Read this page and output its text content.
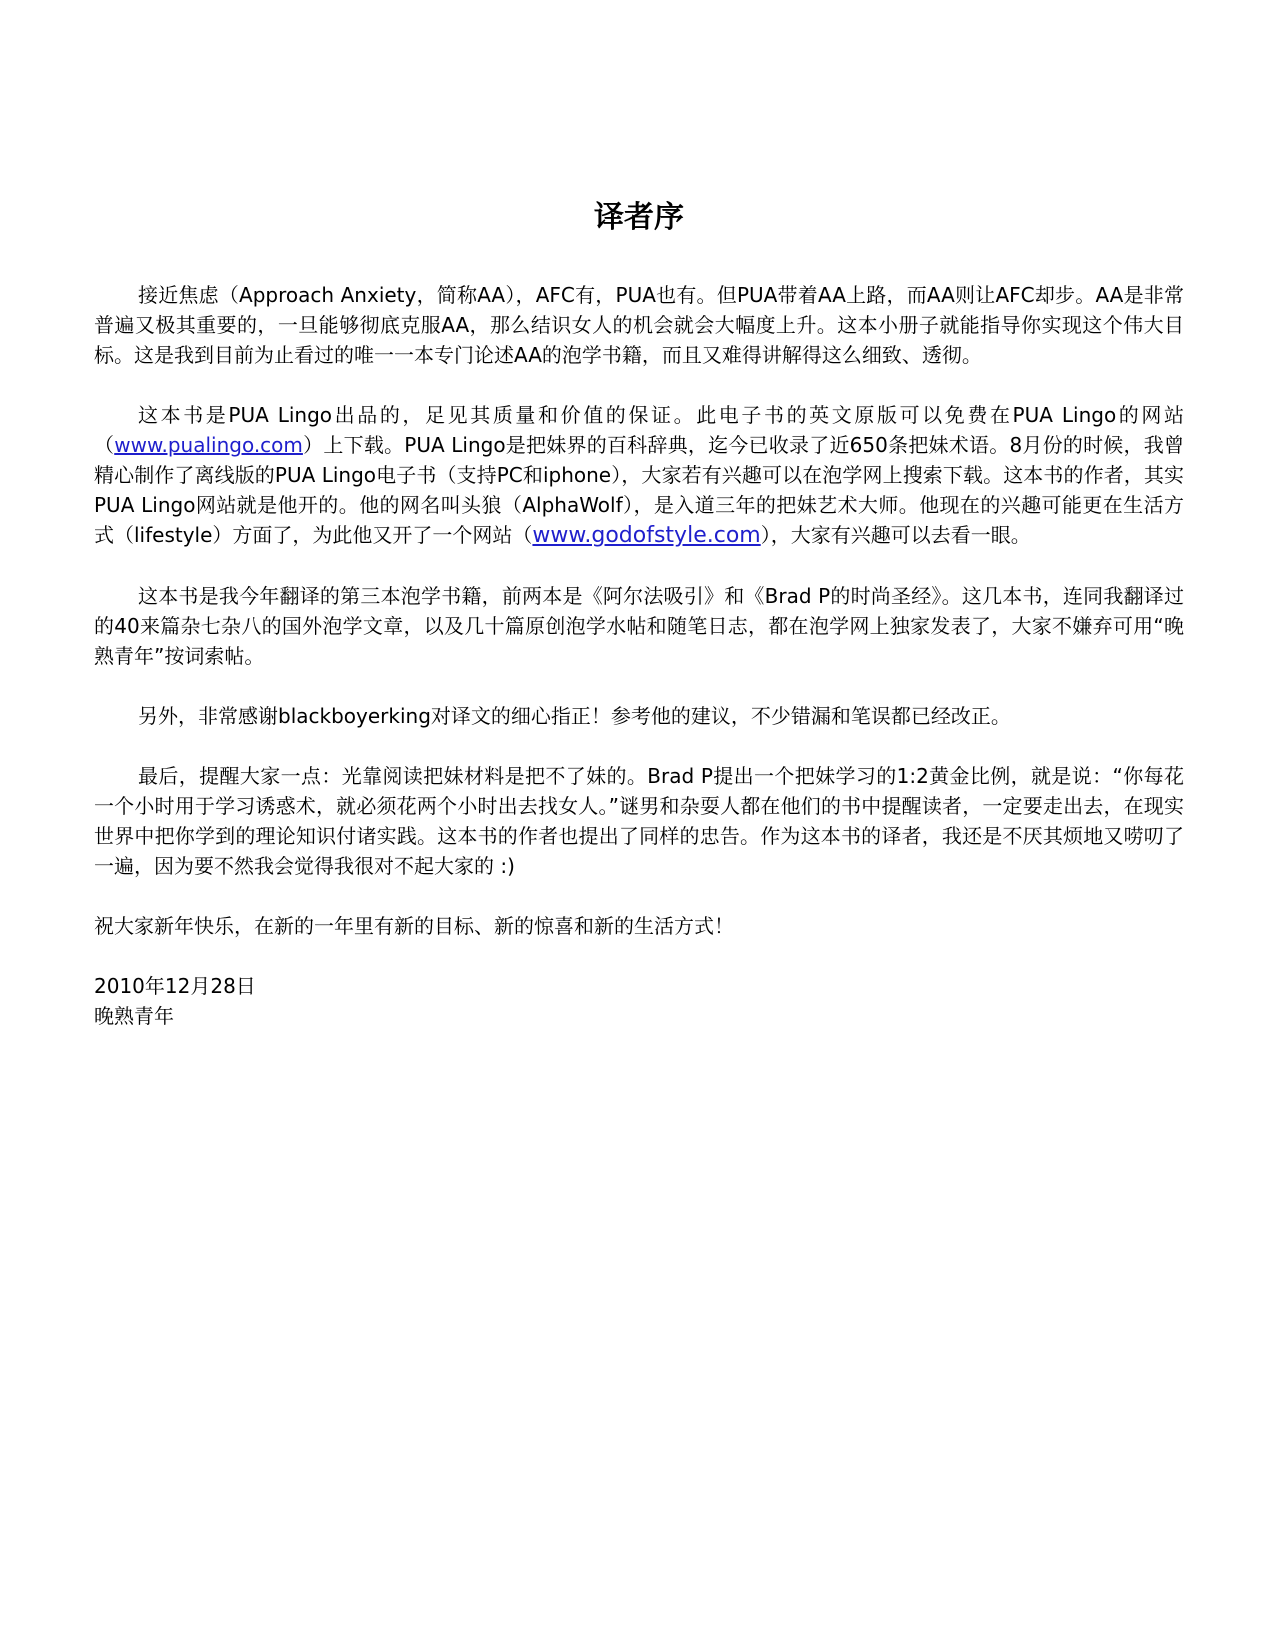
译者序

接近焦虑（Approach Anxiety，简称AA），AFC有，PUA也有。但PUA带着AA上路，而AA则让AFC却步。AA是非常普遍又极其重要的，一旦能够彻底克服AA，那么结识女人的机会就会大幅度上升。这本小册子就能指导你实现这个伟大目标。这是我到目前为止看过的唯一一本专门论述AA的泡学书籍，而且又难得讲解得这么细致、透彻。

这本书是PUA Lingo出品的，足见其质量和价值的保证。此电子书的英文原版可以免费在PUA Lingo的网站（www.pualingo.com）上下载。PUA Lingo是把妹界的百科辞典，迄今已收录了近650条把妹术语。8月份的时候，我曾精心制作了离线版的PUA Lingo电子书（支持PC和iphone），大家若有兴趣可以在泡学网上搜索下载。这本书的作者，其实PUA Lingo网站就是他开的。他的网名叫头狼（AlphaWolf），是入道三年的把妹艺术大师。他现在的兴趣可能更在生活方式（lifestyle）方面了，为此他又开了一个网站（www.godofstyle.com），大家有兴趣可以去看一眼。

这本书是我今年翻译的第三本泡学书籍，前两本是《阿尔法吸引》和《Brad P的时尚圣经》。这几本书，连同我翻译过的40来篇杂七杂八的国外泡学文章，以及几十篇原创泡学水帖和随笔日志，都在泡学网上独家发表了，大家不嫌弃可用“晚熟青年”按词索帖。

另外，非常感谢blackboyerking对译文的细心指正！参考他的建议，不少错漏和笔误都已经改正。

最后，提醒大家一点：光靠阅读把妹材料是把不了妹的。Brad P提出一个把妹学习的1:2黄金比例，就是说：“你每花一个小时用于学习诱惑术，就必须花两个小时出去找女人。”谜男和杂耍人都在他们的书中提醒读者，一定要走出去，在现实世界中把你学到的理论知识付诸实践。这本书的作者也提出了同样的忠告。作为这本书的译者，我还是不厌其烦地又唠叨了一遍，因为要不然我会觉得我很对不起大家的 :)

祝大家新年快乐，在新的一年里有新的目标、新的惊喜和新的生活方式！

2010年12月28日

晚熟青年
